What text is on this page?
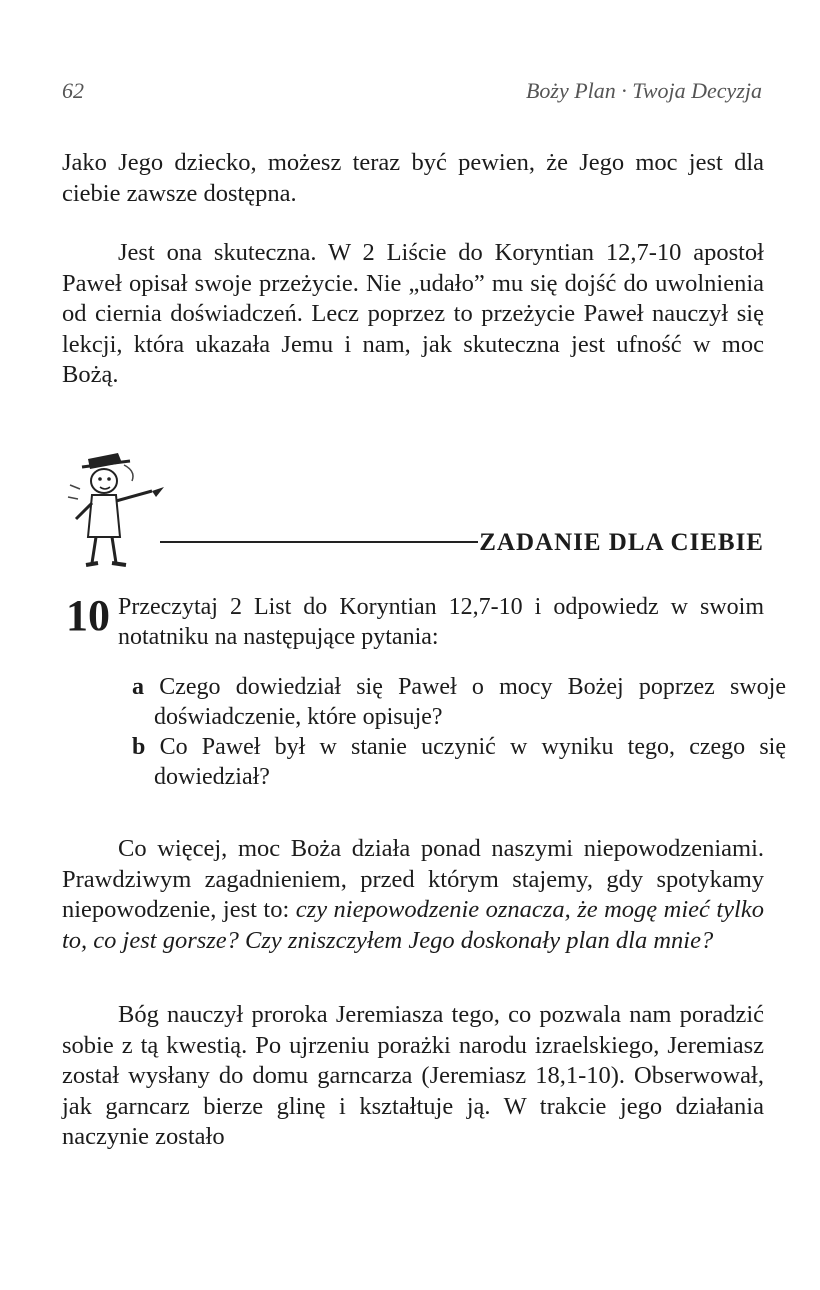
62	Boży Plan · Twoja Decyzja

Jako Jego dziecko, możesz teraz być pewien, że Jego moc jest dla ciebie zawsze dostępna.

Jest ona skuteczna. W 2 Liście do Koryntian 12,7-10 apostoł Paweł opisał swoje przeżycie. Nie „udało” mu się dojść do uwolnienia od ciernia doświadczeń. Lecz poprzez to przeżycie Paweł nauczył się lekcji, która ukazała Jemu i nam, jak skuteczna jest ufność w moc Bożą.

ZADANIE DLA CIEBIE
10 Przeczytaj 2 List do Koryntian 12,7-10 i odpowiedz w swoim notatniku na następujące pytania:

a Czego dowiedział się Paweł o mocy Bożej poprzez swoje doświadczenie, które opisuje?

b Co Paweł był w stanie uczynić w wyniku tego, czego się dowiedział?

Co więcej, moc Boża działa ponad naszymi niepowodzeniami. Prawdziwym zagadnieniem, przed którym stajemy, gdy spotykamy niepowodzenie, jest to: czy niepowodzenie oznacza, że mogę mieć tylko to, co jest gorsze? Czy zniszczyłem Jego doskonały plan dla mnie?

Bóg nauczył proroka Jeremiasza tego, co pozwala nam poradzić sobie z tą kwestią. Po ujrzeniu porażki narodu izraelskiego, Jeremiasz został wysłany do domu garncarza (Jeremiasz 18,1-10). Obserwował, jak garncarz bierze glinę i kształtuje ją. W trakcie jego działania naczynie zostało
